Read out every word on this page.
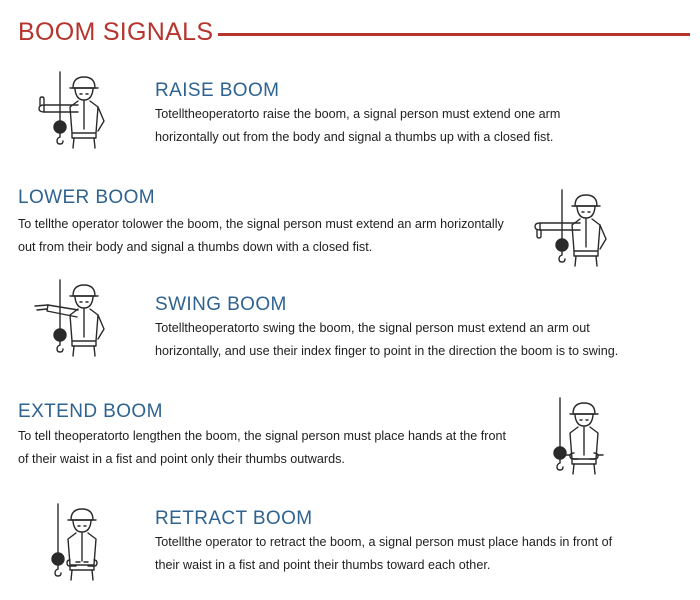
BOOM SIGNALS
RAISE BOOM
Totelltheoperatorto raise the boom, a signal person must extend one arm
horizontally out from the body and signal a thumbs up with a closed fist.
LOWER BOOM
To tellthe operator tolower the boom, the signal person must extend an arm horizontally
out from their body and signal a thumbs down with a closed fist.
SWING BOOM
Totelltheoperatorto swing the boom, the signal person must extend an arm out
horizontally, and use their index finger to point in the direction the boom is to swing.
EXTEND BOOM
To tell theoperatorto lengthen the boom, the signal person must place hands at the front
of their waist in a fist and point only their thumbs outwards.
RETRACT BOOM
Totellthe operator to retract the boom, a signal person must place hands in front of
their waist in a fist and point their thumbs toward each other.
